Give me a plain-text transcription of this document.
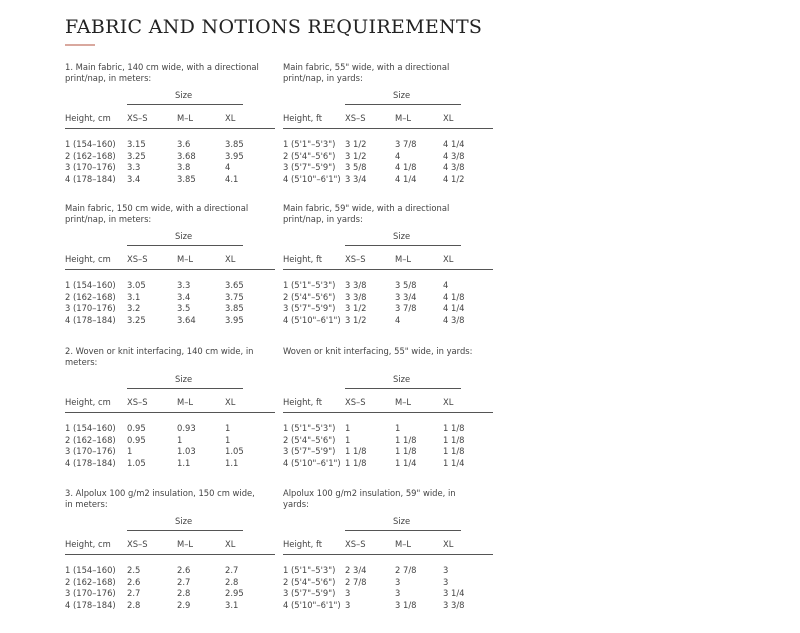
FABRIC AND NOTIONS REQUIREMENTS
1. Main fabric, 140 cm wide, with a directional print/nap, in meters:
Size
Height, cm XS–S	M–L	XL
1 (154–160) 3.15	3.6	3.85
2 (162–168) 3.25	3.68	3.95
3 (170–176) 3.3	3.8	4
4 (178–184) 3.4	3.85	4.1
Main fabric, 55" wide, with a directional print/nap, in yards:
Size
Height, ft	XS–S	M–L	XL
1 (5'1"–5'3") 3 1/2	3 7/8	4 1/4
2 (5'4"–5'6") 3 1/2	4	4 3/8
3 (5'7"–5'9") 3 5/8	4 1/8	4 3/8
4 (5'10"–6'1") 3 3/4	4 1/4	4 1/2
Main fabric, 150 cm wide, with a directional print/nap, in meters:
Size
Height, cm XS–S	M–L	XL
1 (154–160) 3.05	3.3	3.65
2 (162–168) 3.1	3.4	3.75
3 (170–176) 3.2	3.5	3.85
4 (178–184) 3.25	3.64	3.95
Main fabric, 59" wide, with a directional print/nap, in yards:
Size
Height, ft	XS–S	M–L	XL
1 (5'1"–5'3") 3 3/8	3 5/8	4
2 (5'4"–5'6") 3 3/8	3 3/4	4 1/8
3 (5'7"–5'9") 3 1/2	3 7/8	4 1/4
4 (5'10"–6'1") 3 1/2	4	4 3/8
2. Woven or knit interfacing, 140 cm wide, in meters:
Size
Height, cm XS–S	M–L	XL
1 (154–160) 0.95	0.93	1
2 (162–168) 0.95	1	1
3 (170–176) 1	1.03	1.05
4 (178–184) 1.05	1.1	1.1
Woven or knit interfacing, 55" wide, in yards:
Size
Height, ft	XS–S	M–L	XL
1 (5'1"–5'3") 1	1	1 1/8
2 (5'4"–5'6") 1	1 1/8	1 1/8
3 (5'7"–5'9") 1 1/8	1 1/8	1 1/8
4 (5'10"–6'1") 1 1/8	1 1/4	1 1/4
3. Alpolux 100 g/m2 insulation, 150 cm wide, in meters:
Size
Height, cm XS–S	M–L	XL
1 (154–160) 2.5	2.6	2.7
2 (162–168) 2.6	2.7	2.8
3 (170–176) 2.7	2.8	2.95
4 (178–184) 2.8	2.9	3.1
Alpolux 100 g/m2 insulation, 59" wide, in yards:
Size
Height, ft	XS–S	M–L	XL
1 (5'1"–5'3") 2 3/4	2 7/8	3
2 (5'4"–5'6") 2 7/8	3	3
3 (5'7"–5'9") 3	3	3 1/4
4 (5'10"–6'1") 3	3 1/8	3 3/8
